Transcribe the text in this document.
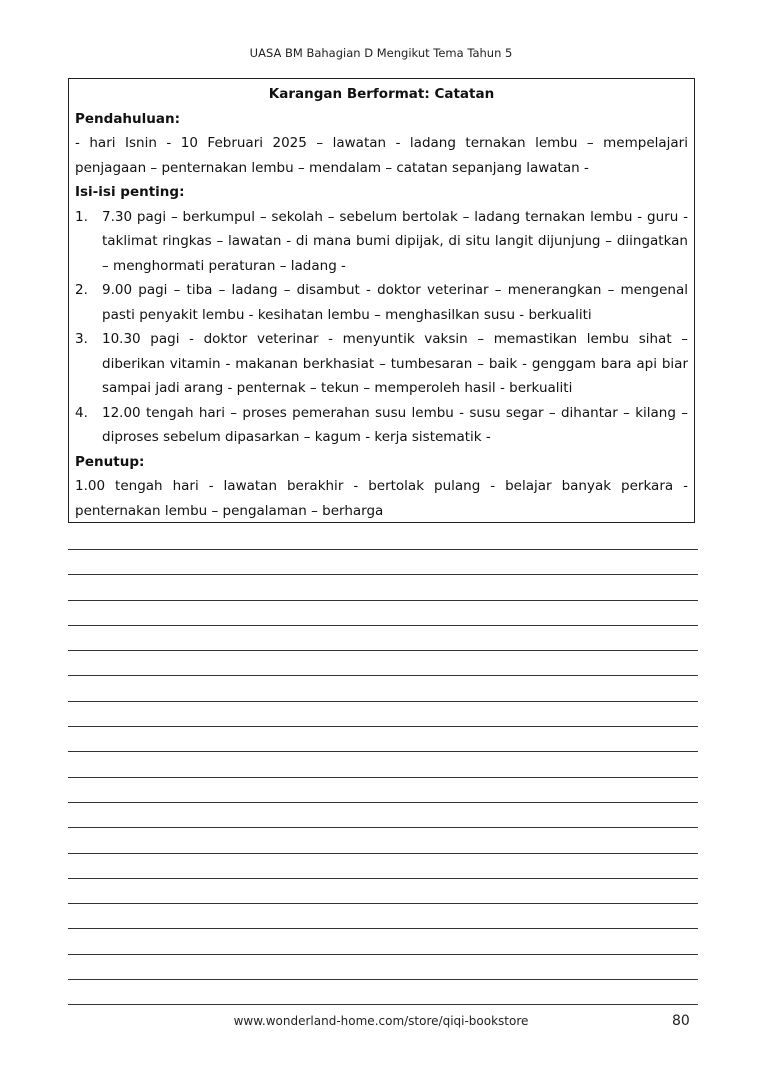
UASA BM Bahagian D Mengikut Tema Tahun 5
Karangan Berformat: Catatan
Pendahuluan:
- hari Isnin - 10 Februari 2025 – lawatan - ladang ternakan lembu – mempelajari penjagaan – penternakan lembu – mendalam – catatan sepanjang lawatan -
Isi-isi penting:
1.	7.30 pagi – berkumpul – sekolah – sebelum bertolak – ladang ternakan lembu - guru - taklimat ringkas – lawatan - di mana bumi dipijak, di situ langit dijunjung – diingatkan – menghormati peraturan – ladang -
2.	9.00 pagi – tiba – ladang – disambut - doktor veterinar – menerangkan – mengenal pasti penyakit lembu - kesihatan lembu – menghasilkan susu - berkualiti
3.	10.30 pagi - doktor veterinar - menyuntik vaksin – memastikan lembu sihat – diberikan vitamin - makanan berkhasiat – tumbesaran – baik - genggam bara api biar sampai jadi arang - penternak – tekun – memperoleh hasil - berkualiti
4.	12.00 tengah hari – proses pemerahan susu lembu - susu segar – dihantar – kilang – diproses sebelum dipasarkan – kagum - kerja sistematik -
Penutup:
1.00 tengah hari - lawatan berakhir - bertolak pulang - belajar banyak perkara - penternakan lembu – pengalaman – berharga
www.wonderland-home.com/store/qiqi-bookstore	80
